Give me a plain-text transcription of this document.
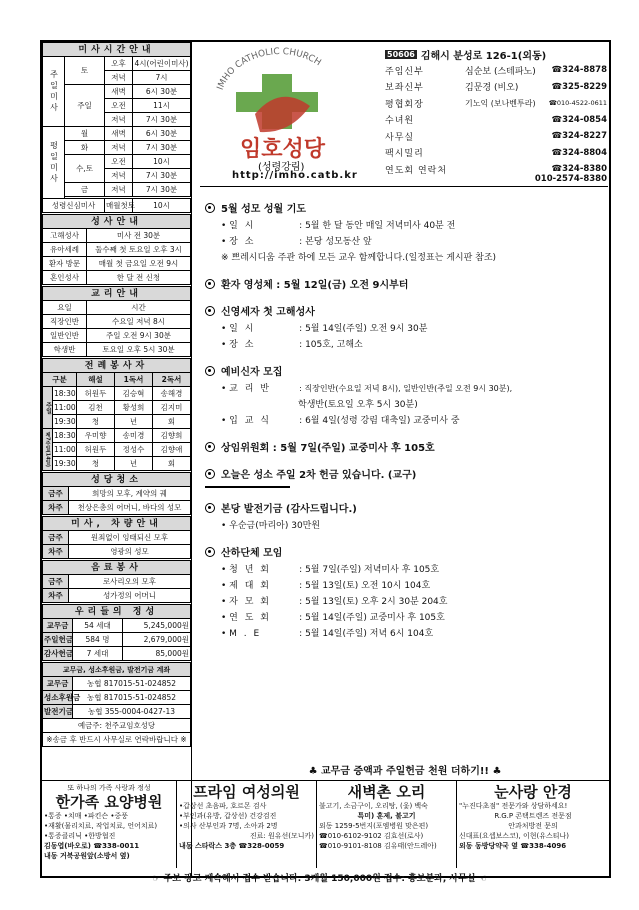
미사시간안내			
주일미사	토	오후	4시(어린이미사)
		저녁	7시
	주일	새벽	6시 30분
		오전	11시
		저녁	7시 30분
평일미사	월	새벽	6시 30분
	화	저녁	7시 30분
	수,토	오전	10시
		저녁	7시 30분
	금	저녁	7시 30분

성령신심미사		매월첫토	10시
성사안내	
고해성사	미사 전 30분
유아세례	둘수째 첫 토요일 오후 3시
환자 방문	매월 첫 금요일 오전 9시
혼인성사	한 달 전 신청
교리안내	
요일	시간
직장인반	수요일 저녁 8시
일반인반	주일 오전 9시 30분
학생반	토요일 오후 5시 30분
전례봉사자				
구분		해설	1독서	2독서
주일	18:30	허원두	김승혁	송해경
	11:00	김천	황성희	김지미
	19:30	청	년	회
제7주일(14일)	18:30	우미향	송미경	김향희
	11:00	허원두	정성수	김향애
	19:30	청	년	회
성당청소	
금주	희망의 모후, 계약의 궤
차주	천상은총의 어머니, 바다의 성모
미사, 차량안내	
금주	원죄없이 잉태되신 모후
차주	영광의 성모
음료봉사	
금주	로사리오의 모후
차주	성가정의 어머니
우리들의 정성		
교무금	54 세대	5,245,000원
주일헌금	584 명	2,679,000원
감사헌금	7 세대	85,000원
교무금, 성소후원금, 발전기금 계좌	
교무금	농협 817015-51-024852
성소후원금	농협 817015-51-024852
발전기금	농협 355-0004-0427-13
예금주: 천주교임호성당	
※송금 후 반드시 사무실로 연락바랍니다 ※	
IMHO CATHOLIC CHURCH
임호성당
(성령강림)
http://imho.catb.kr
50606 김해시 분성로 126-1(외동)
주임신부	심순보 (스테파노)	☎324-8878
보좌신부	김문경 (비오)	☎325-8229
평협회장	기노익 (보나벤투라)	☎010-4522-0611
수녀원	☎324-0854
사무실	☎324-8227
팩시밀리	☎324-8804
연도회 연락처	☎324-8380
010-2574-8380
5월 성모 성월 기도
• 일 시	: 5월 한 달 동안 매일 저녁미사 40분 전
• 장 소	: 본당 성모동산 앞
※ 쁘레시디움 주관 하에 모든 교우 함께합니다.(일정표는 게시판 참조)
환자 영성체 : 5월 12일(금) 오전 9시부터
신영세자 첫 고해성사
• 일 시	: 5월 14일(주일) 오전 9시 30분
• 장 소	: 105호, 고해소
예비신자 모집
• 교 리 반	: 직장인반(수요일 저녁 8시), 일반인반(주일 오전 9시 30분),
학생반(토요일 오후 5시 30분)
• 입 교 식	: 6월 4일(성령 강림 대축일) 교중미사 중
상임위원회 : 5월 7일(주일) 교중미사 후 105호
오늘은 성소 주일 2차 헌금 있습니다. (교구)
본당 발전기금 (감사드립니다.)
• 우순금(마리아) 30만원
산하단체 모임
• 청 년 회	: 5월 7일(주일) 저녁미사 후 105호
• 제 대 회	: 5월 13일(토) 오전 10시 104호
• 자 모 회	: 5월 13일(토) 오후 2시 30분 204호
• 연 도 회	: 5월 14일(주일) 교중미사 후 105호
• M . E	: 5월 14일(주일) 저녁 6시 104호
♣ 교무금 증액과 주일헌금 천원 더하기!! ♣
또 하나의 가족 사랑과 정성
한가족 요양병원
•통증 •치매 •파킨슨 •중풍
•재활(물리치료, 작업치료, 언어치료)
•통증클리닉 •한방협진
김동엽(바오로) ☎338-0011
내동 거북공원앞(소방서 옆)
프라임 여성의원
•갑상선 초음파, 호르몬 검사
•부인과(유방, 갑상선) 건강검진
•의사 산부인과 7명, 소아과 2명
진료: 원유선(모니카)
내동 스타락스 3층 ☎328-0059
새벽촌 오리
불고기, 소금구이, 오리탕, (옻) 백숙
특미) 훈제, 불고기
외동 1259-5번지(포엠병원 맞은편)
☎010-6102-9102 김효선(로사)
☎010-9101-8108 김유태(안드레아)
눈사랑 안경
"누진다초점" 전문가와 상담하세요!
R.G.P 콘택트렌즈 전문점
안과처방전 문의
신대표(요셉보스코), 이현(유스티나)
외동 동방당약국 옆 ☎338-4096
☞ 주보 광고 계속해서 접수 받습니다. 3개월 150,000원 접수: 홍보분과, 사무실 ☜
